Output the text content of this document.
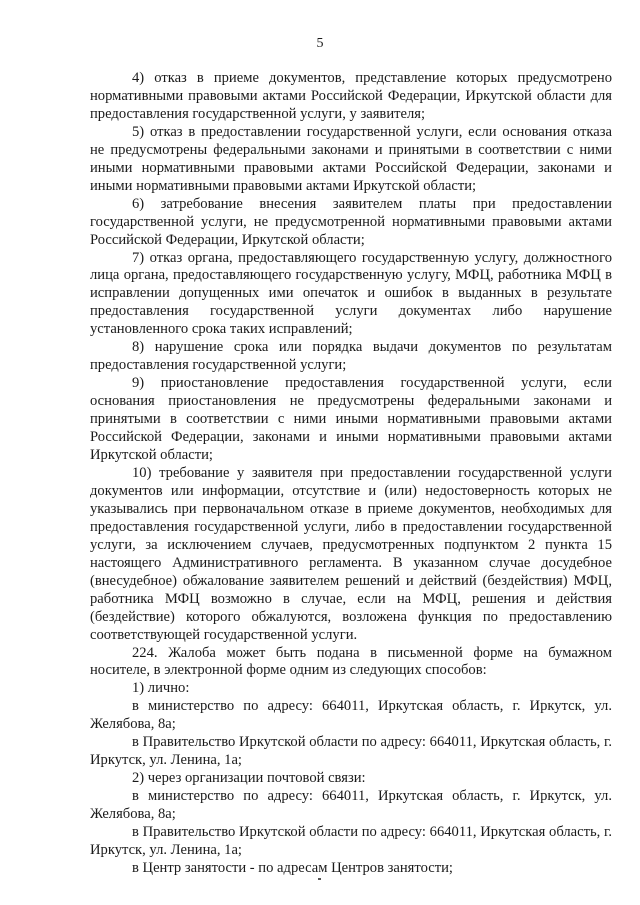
5

4) отказ в приеме документов, представление которых предусмотрено нормативными правовыми актами Российской Федерации, Иркутской области для предоставления государственной услуги, у заявителя;

5) отказ в предоставлении государственной услуги, если основания отказа не предусмотрены федеральными законами и принятыми в соответствии с ними иными нормативными правовыми актами Российской Федерации, законами и иными нормативными правовыми актами Иркутской области;

6) затребование внесения заявителем платы при предоставлении государственной услуги, не предусмотренной нормативными правовыми актами Российской Федерации, Иркутской области;

7) отказ органа, предоставляющего государственную услугу, должностного лица органа, предоставляющего государственную услугу, МФЦ, работника МФЦ в исправлении допущенных ими опечаток и ошибок в выданных в результате предоставления государственной услуги документах либо нарушение установленного срока таких исправлений;

8) нарушение срока или порядка выдачи документов по результатам предоставления государственной услуги;

9) приостановление предоставления государственной услуги, если основания приостановления не предусмотрены федеральными законами и принятыми в соответствии с ними иными нормативными правовыми актами Российской Федерации, законами и иными нормативными правовыми актами Иркутской области;

10) требование у заявителя при предоставлении государственной услуги документов или информации, отсутствие и (или) недостоверность которых не указывались при первоначальном отказе в приеме документов, необходимых для предоставления государственной услуги, либо в предоставлении государственной услуги, за исключением случаев, предусмотренных подпунктом 2 пункта 15 настоящего Административного регламента. В указанном случае досудебное (внесудебное) обжалование заявителем решений и действий (бездействия) МФЦ, работника МФЦ возможно в случае, если на МФЦ, решения и действия (бездействие) которого обжалуются, возложена функция по предоставлению соответствующей государственной услуги.

224. Жалоба может быть подана в письменной форме на бумажном носителе, в электронной форме одним из следующих способов:

1) лично:

в министерство по адресу: 664011, Иркутская область, г. Иркутск, ул. Желябова, 8а;

в Правительство Иркутской области по адресу: 664011, Иркутская область, г. Иркутск, ул. Ленина, 1а;

2) через организации почтовой связи:

в министерство по адресу: 664011, Иркутская область, г. Иркутск, ул. Желябова, 8а;

в Правительство Иркутской области по адресу: 664011, Иркутская область, г. Иркутск, ул. Ленина, 1а;

в Центр занятости - по адресам Центров занятости;
